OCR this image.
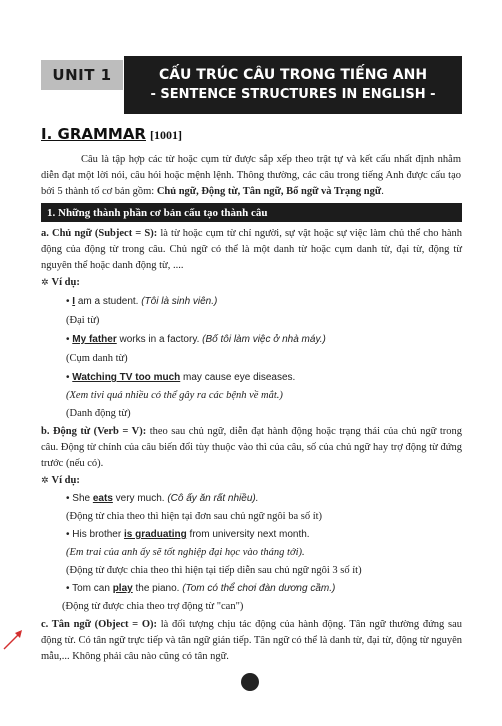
UNIT 1	CẤU TRÚC CÂU TRONG TIẾNG ANH
- SENTENCE STRUCTURES IN ENGLISH -
I. GRAMMAR [1001]
Câu là tập hợp các từ hoặc cụm từ được sắp xếp theo trật tự và kết cấu nhất định nhằm diễn đạt một lời nói, câu hỏi hoặc mệnh lệnh. Thông thường, các câu trong tiếng Anh được cấu tạo bởi 5 thành tố cơ bản gồm: Chủ ngữ, Động từ, Tân ngữ, Bổ ngữ và Trạng ngữ.
1. Những thành phần cơ bản cấu tạo thành câu
a. Chủ ngữ (Subject = S): là từ hoặc cụm từ chỉ người, sự vật hoặc sự việc làm chủ thể cho hành động của động từ trong câu. Chủ ngữ có thể là một danh từ hoặc cụm danh từ, đại từ, động từ nguyên thể hoặc danh động từ, ....
✲ Ví dụ:
• I am a student. (Tôi là sinh viên.)
(Đại từ)
• My father works in a factory. (Bố tôi làm việc ở nhà máy.)
(Cụm danh từ)
• Watching TV too much may cause eye diseases.
(Xem tivi quá nhiều có thể gây ra các bệnh về mắt.)
(Danh động từ)
b. Động từ (Verb = V): theo sau chủ ngữ, diễn đạt hành động hoặc trạng thái của chủ ngữ trong câu. Động từ chính của câu biến đổi tùy thuộc vào thì của câu, số của chủ ngữ hay trợ động từ đứng trước (nếu có).
✲ Ví dụ:
• She eats very much. (Cô ấy ăn rất nhiều).
(Động từ chia theo thì hiện tại đơn sau chủ ngữ ngôi ba số ít)
• His brother is graduating from university next month.
(Em trai của anh ấy sẽ tốt nghiệp đại học vào tháng tới).
(Động từ được chia theo thì hiện tại tiếp diễn sau chủ ngữ ngôi 3 số ít)
• Tom can play the piano. (Tom có thể chơi đàn dương cầm.)
(Động từ được chia theo trợ động từ "can")
c. Tân ngữ (Object = O): là đối tượng chịu tác động của hành động. Tân ngữ thường đứng sau động từ. Có tân ngữ trực tiếp và tân ngữ gián tiếp. Tân ngữ có thể là danh từ, đại từ, động từ nguyên mẫu,... Không phải câu nào cũng có tân ngữ.
